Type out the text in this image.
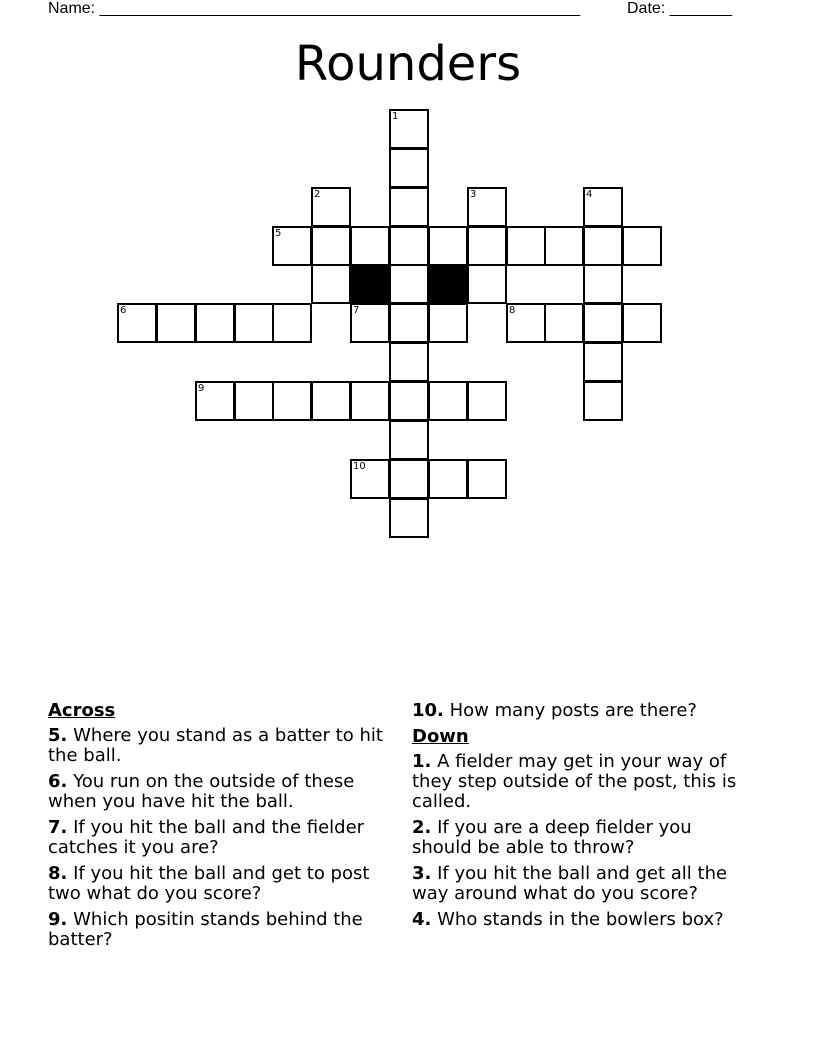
Name: ______________________________________________________	Date: _______
Rounders
1
2	3	4
5
6	7	8
9
10
Across
5. Where you stand as a batter to hit the ball.
6. You run on the outside of these when you have hit the ball.
7. If you hit the ball and the fielder catches it you are?
8. If you hit the ball and get to post two what do you score?
9. Which positin stands behind the batter?
10. How many posts are there?
Down
1. A fielder may get in your way of they step outside of the post, this is called.
2. If you are a deep fielder you should be able to throw?
3. If you hit the ball and get all the way around what do you score?
4. Who stands in the bowlers box?
